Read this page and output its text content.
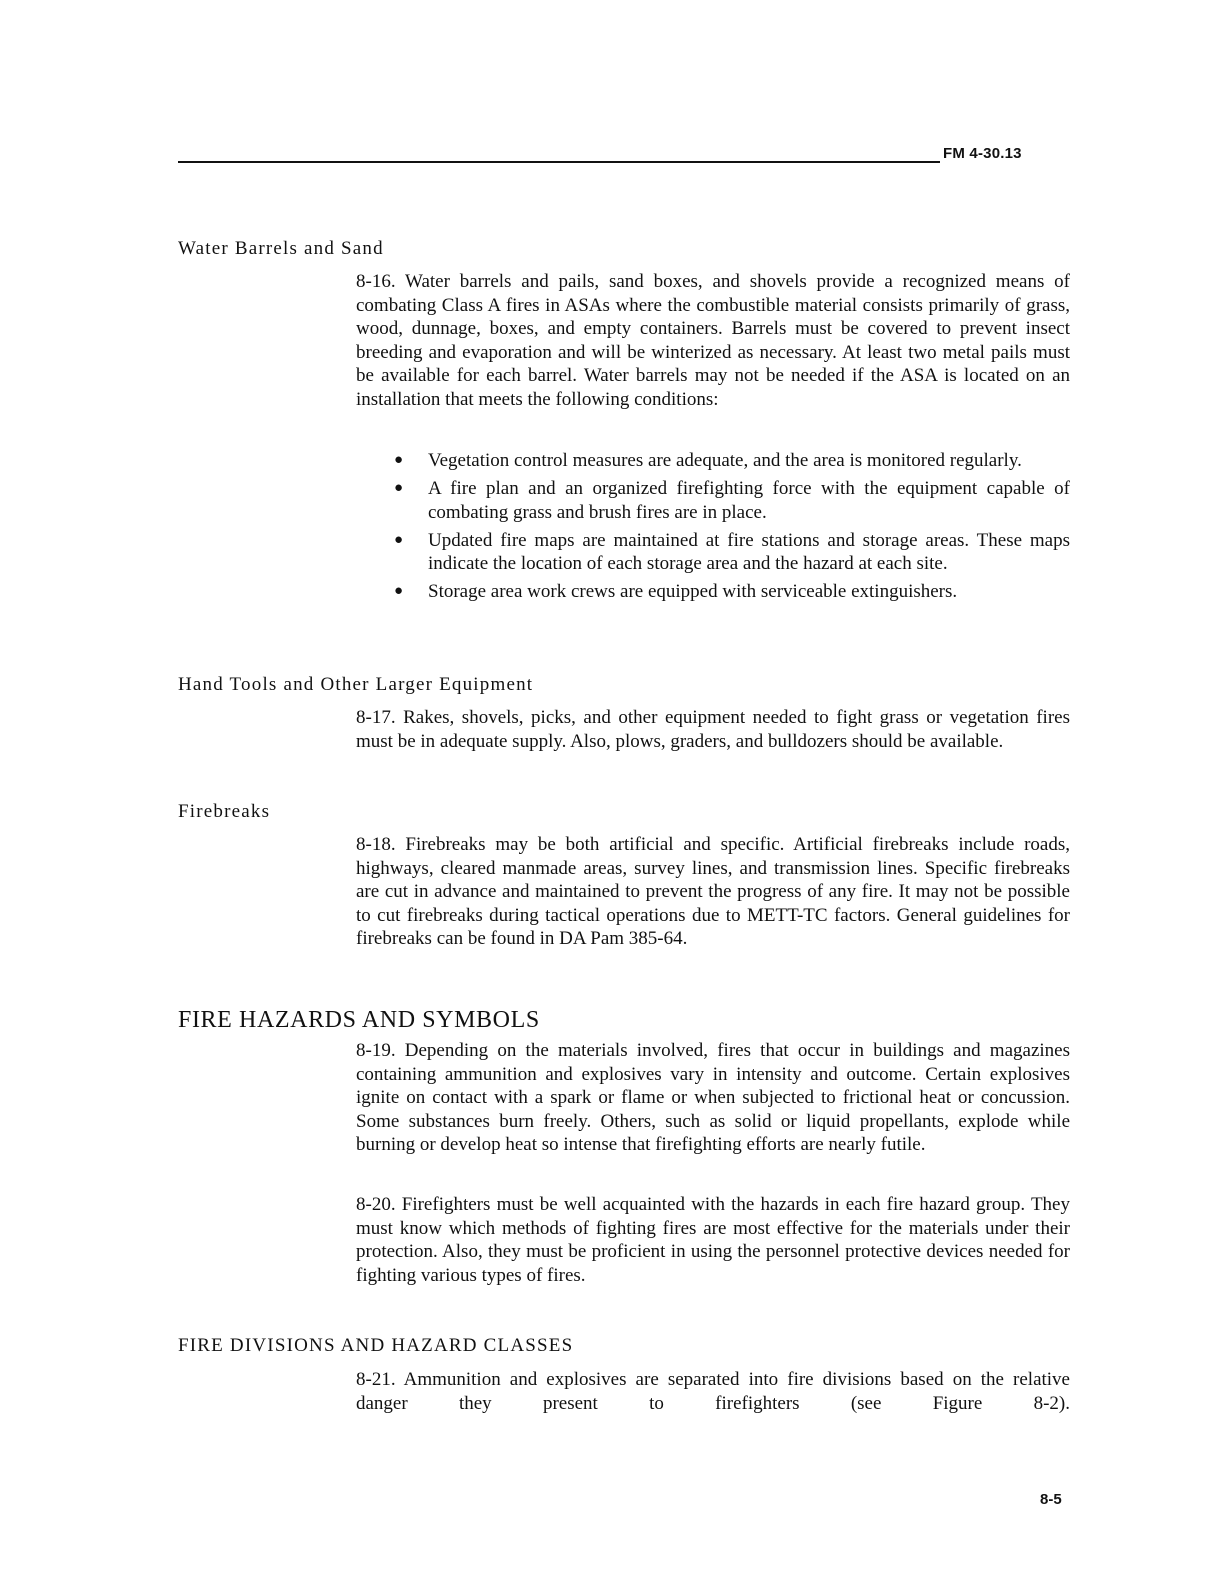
FM 4-30.13
Water Barrels and Sand

8-16. Water barrels and pails, sand boxes, and shovels provide a recognized means of combating Class A fires in ASAs where the combustible material consists primarily of grass, wood, dunnage, boxes, and empty containers. Barrels must be covered to prevent insect breeding and evaporation and will be winterized as necessary. At least two metal pails must be available for each barrel. Water barrels may not be needed if the ASA is located on an installation that meets the following conditions:

● Vegetation control measures are adequate, and the area is monitored regularly.
● A fire plan and an organized firefighting force with the equipment capable of combating grass and brush fires are in place.
● Updated fire maps are maintained at fire stations and storage areas. These maps indicate the location of each storage area and the hazard at each site.
● Storage area work crews are equipped with serviceable extinguishers.
Hand Tools and Other Larger Equipment

8-17. Rakes, shovels, picks, and other equipment needed to fight grass or vegetation fires must be in adequate supply. Also, plows, graders, and bulldozers should be available.

Firebreaks

8-18. Firebreaks may be both artificial and specific. Artificial firebreaks include roads, highways, cleared manmade areas, survey lines, and transmission lines. Specific firebreaks are cut in advance and maintained to prevent the progress of any fire. It may not be possible to cut firebreaks during tactical operations due to METT-TC factors. General guidelines for firebreaks can be found in DA Pam 385-64.

FIRE HAZARDS AND SYMBOLS

8-19. Depending on the materials involved, fires that occur in buildings and magazines containing ammunition and explosives vary in intensity and outcome. Certain explosives ignite on contact with a spark or flame or when subjected to frictional heat or concussion. Some substances burn freely. Others, such as solid or liquid propellants, explode while burning or develop heat so intense that firefighting efforts are nearly futile.

8-20. Firefighters must be well acquainted with the hazards in each fire hazard group. They must know which methods of fighting fires are most effective for the materials under their protection. Also, they must be proficient in using the personnel protective devices needed for fighting various types of fires.

FIRE DIVISIONS AND HAZARD CLASSES

8-21. Ammunition and explosives are separated into fire divisions based on the relative danger they present to firefighters (see Figure 8-2).

8-5
